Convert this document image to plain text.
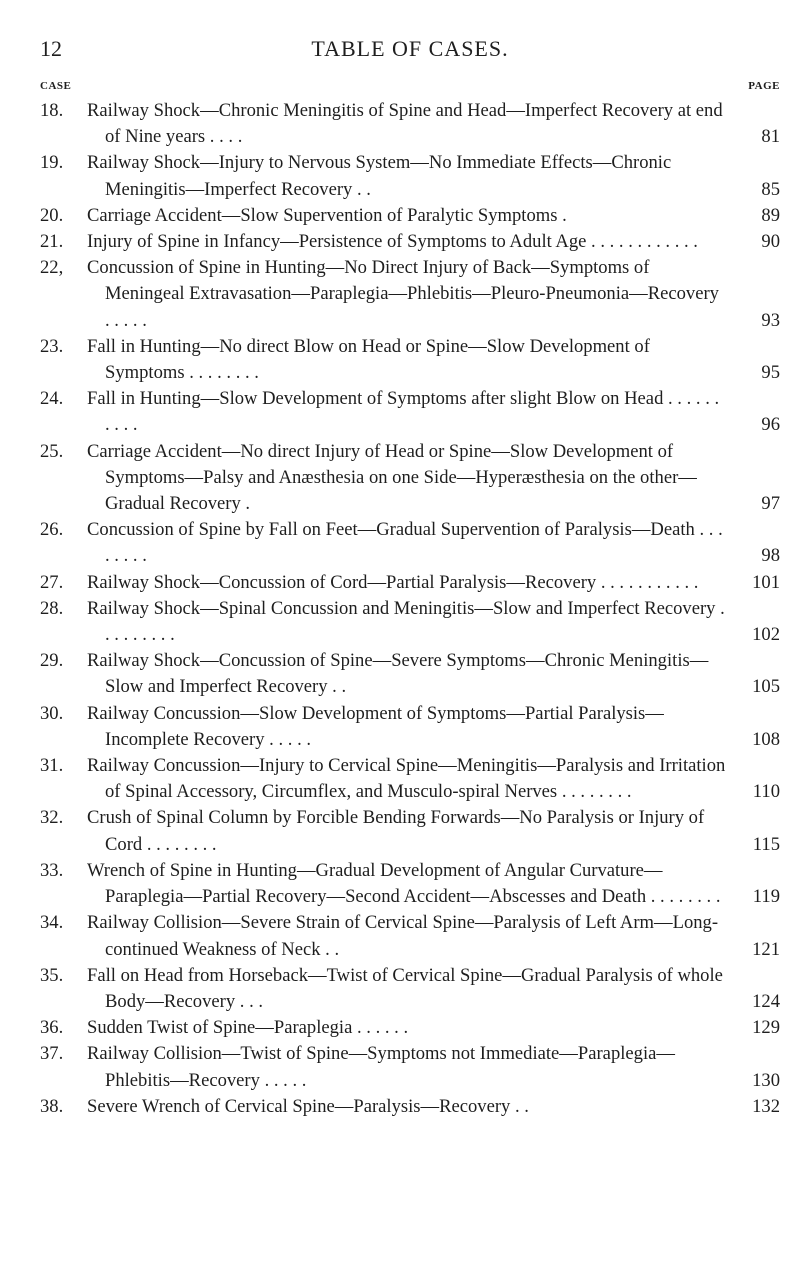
12	TABLE OF CASES.
CASE	PAGE
18.	Railway Shock—Chronic Meningitis of Spine and Head—Imperfect Recovery at end of Nine years . . . .	81
19.	Railway Shock—Injury to Nervous System—No Immediate Effects—Chronic Meningitis—Imperfect Recovery . .	85
20.	Carriage Accident—Slow Supervention of Paralytic Symptoms .	89
21.	Injury of Spine in Infancy—Persistence of Symptoms to Adult Age . . . . . . . . . . . .	90
22,	Concussion of Spine in Hunting—No Direct Injury of Back—Symptoms of Meningeal Extravasation—Paraplegia—Phlebitis—Pleuro-Pneumonia—Recovery . . . . .	93
23.	Fall in Hunting—No direct Blow on Head or Spine—Slow Development of Symptoms . . . . . . . .	95
24.	Fall in Hunting—Slow Development of Symptoms after slight Blow on Head . . . . . . . . . .	96
25.	Carriage Accident—No direct Injury of Head or Spine—Slow Development of Symptoms—Palsy and Anæsthesia on one Side—Hyperæsthesia on the other—Gradual Recovery .	97
26.	Concussion of Spine by Fall on Feet—Gradual Supervention of Paralysis—Death . . . . . . . .	98
27.	Railway Shock—Concussion of Cord—Partial Paralysis—Recovery . . . . . . . . . . .	101
28.	Railway Shock—Spinal Concussion and Meningitis—Slow and Imperfect Recovery . . . . . . . . .	102
29.	Railway Shock—Concussion of Spine—Severe Symptoms—Chronic Meningitis—Slow and Imperfect Recovery . .	105
30.	Railway Concussion—Slow Development of Symptoms—Partial Paralysis—Incomplete Recovery . . . . .	108
31.	Railway Concussion—Injury to Cervical Spine—Meningitis—Paralysis and Irritation of Spinal Accessory, Circumflex, and Musculo-spiral Nerves . . . . . . . .	110
32.	Crush of Spinal Column by Forcible Bending Forwards—No Paralysis or Injury of Cord . . . . . . . .	115
33.	Wrench of Spine in Hunting—Gradual Development of Angular Curvature—Paraplegia—Partial Recovery—Second Accident—Abscesses and Death . . . . . . . .	119
34.	Railway Collision—Severe Strain of Cervical Spine—Paralysis of Left Arm—Long-continued Weakness of Neck . .	121
35.	Fall on Head from Horseback—Twist of Cervical Spine—Gradual Paralysis of whole Body—Recovery . . .	124
36.	Sudden Twist of Spine—Paraplegia . . . . . .	129
37.	Railway Collision—Twist of Spine—Symptoms not Immediate—Paraplegia—Phlebitis—Recovery . . . . .	130
38.	Severe Wrench of Cervical Spine—Paralysis—Recovery . .	132
